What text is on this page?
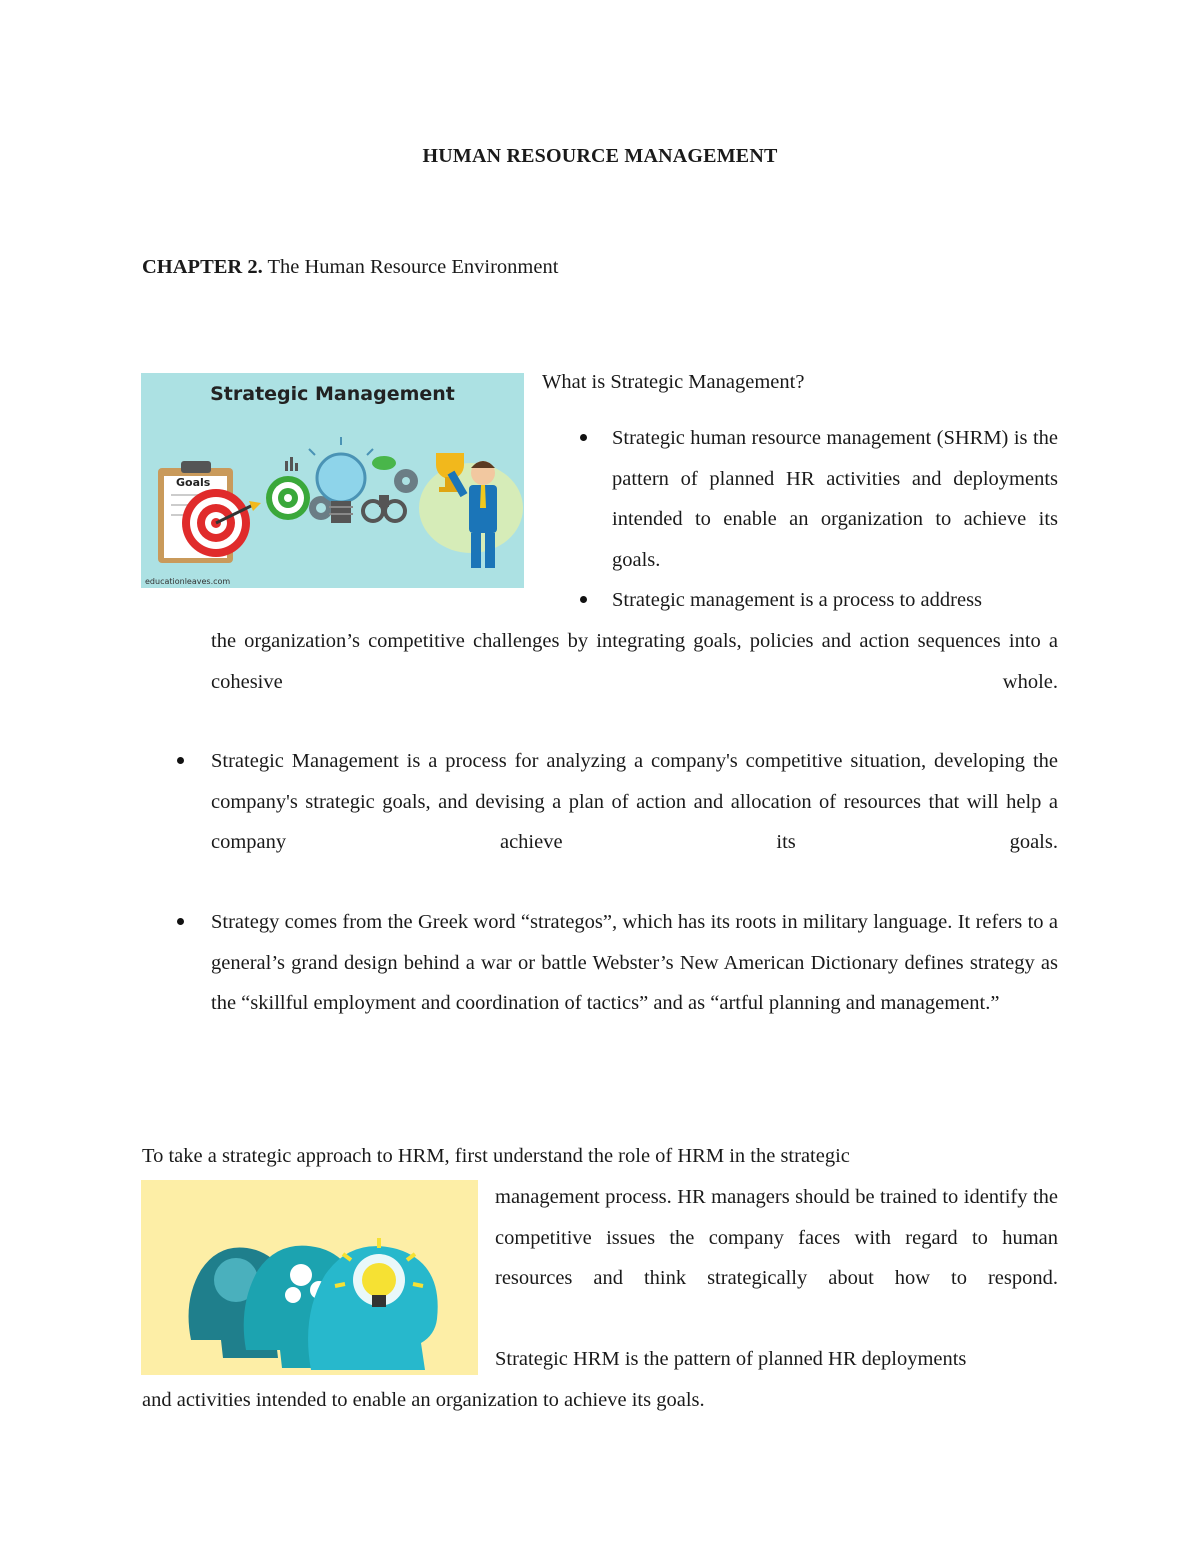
HUMAN RESOURCE MANAGEMENT
CHAPTER 2. The Human Resource Environment
Strategic Management
Goals
educationleaves.com
What is Strategic Management?
Strategic human resource management (SHRM) is the pattern of planned HR activities and deployments intended to enable an organization to achieve its goals.
Strategic management is a process to address
the organization’s competitive challenges by integrating goals, policies and action sequences into a cohesive whole.
Strategic Management is a process for analyzing a company's competitive situation, developing the company's strategic goals, and devising a plan of action and allocation of resources that will help a company achieve its goals.
Strategy comes from the Greek word “strategos”, which has its roots in military language. It refers to a general’s grand design behind a war or battle Webster’s New American Dictionary defines strategy as the “skillful employment and coordination of tactics” and as “artful planning and management.”
To take a strategic approach to HRM, first understand the role of HRM in the strategic
management process. HR managers should be trained to identify the competitive issues the company faces with regard to human resources and think strategically about how to respond.
Strategic HRM is the pattern of planned HR deployments
and activities intended to enable an organization to achieve its goals.
